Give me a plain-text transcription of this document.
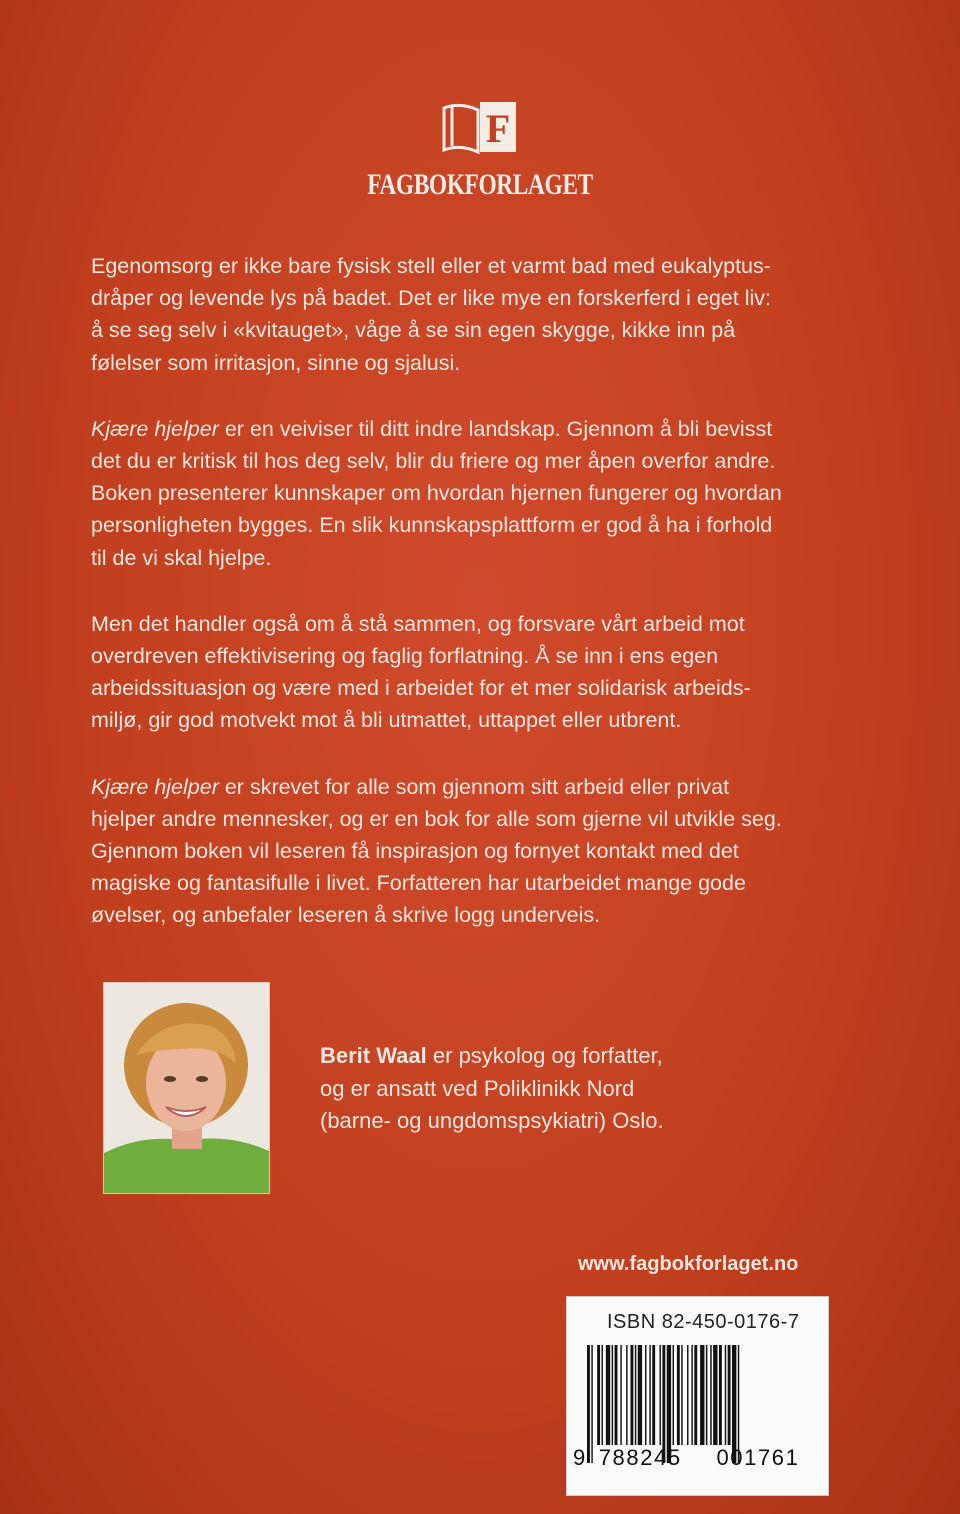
F
FAGBOKFORLAGET

Egenomsorg er ikke bare fysisk stell eller et varmt bad med eukalyptus-
dråper og levende lys på badet. Det er like mye en forskerferd i eget liv:
å se seg selv i «kvitauget», våge å se sin egen skygge, kikke inn på
følelser som irritasjon, sinne og sjalusi.

Kjære hjelper er en veiviser til ditt indre landskap. Gjennom å bli bevisst
det du er kritisk til hos deg selv, blir du friere og mer åpen overfor andre.
Boken presenterer kunnskaper om hvordan hjernen fungerer og hvordan
personligheten bygges. En slik kunnskapsplattform er god å ha i forhold
til de vi skal hjelpe.

Men det handler også om å stå sammen, og forsvare vårt arbeid mot
overdreven effektivisering og faglig forflatning. Å se inn i ens egen
arbeidssituasjon og være med i arbeidet for et mer solidarisk arbeids-
miljø, gir god motvekt mot å bli utmattet, uttappet eller utbrent.

Kjære hjelper er skrevet for alle som gjennom sitt arbeid eller privat
hjelper andre mennesker, og er en bok for alle som gjerne vil utvikle seg.
Gjennom boken vil leseren få inspirasjon og fornyet kontakt med det
magiske og fantasifulle i livet. Forfatteren har utarbeidet mange gode
øvelser, og anbefaler leseren å skrive logg underveis.

Berit Waal er psykolog og forfatter,
og er ansatt ved Poliklinikk Nord
(barne- og ungdomspsykiatri) Oslo.
www.fagbokforlaget.no
ISBN 82-450-0176-7
9 788245 001761
